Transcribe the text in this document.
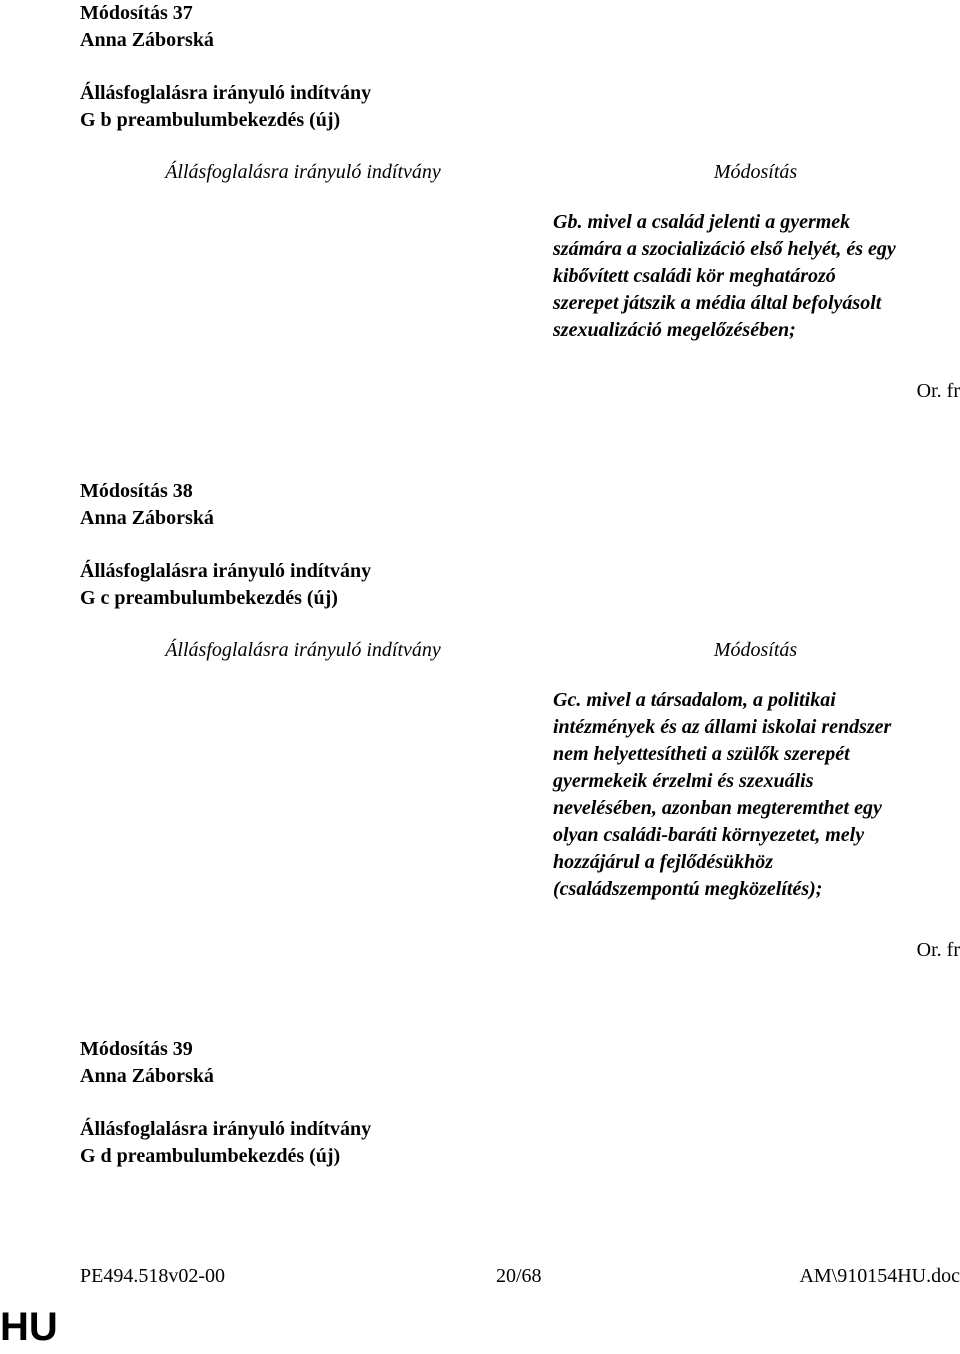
Módosítás 37
Anna Záborská
Állásfoglalásra irányuló indítvány
G b preambulumbekezdés (új)
Állásfoglalásra irányuló indítvány	Módosítás
Gb. mivel a család jelenti a gyermek
számára a szocializáció első helyét, és egy
kibővített családi kör meghatározó
szerepet játszik a média által befolyásolt
szexualizáció megelőzésében;
Or. fr
Módosítás 38
Anna Záborská
Állásfoglalásra irányuló indítvány
G c preambulumbekezdés (új)
Állásfoglalásra irányuló indítvány	Módosítás
Gc. mivel a társadalom, a politikai
intézmények és az állami iskolai rendszer
nem helyettesítheti a szülők szerepét
gyermekeik érzelmi és szexuális
nevelésében, azonban megteremthet egy
olyan családi-baráti környezetet, mely
hozzájárul a fejlődésükhöz
(családszempontú megközelítés);
Or. fr
Módosítás 39
Anna Záborská
Állásfoglalásra irányuló indítvány
G d preambulumbekezdés (új)
PE494.518v02-00	20/68	AM\910154HU.doc
HU
